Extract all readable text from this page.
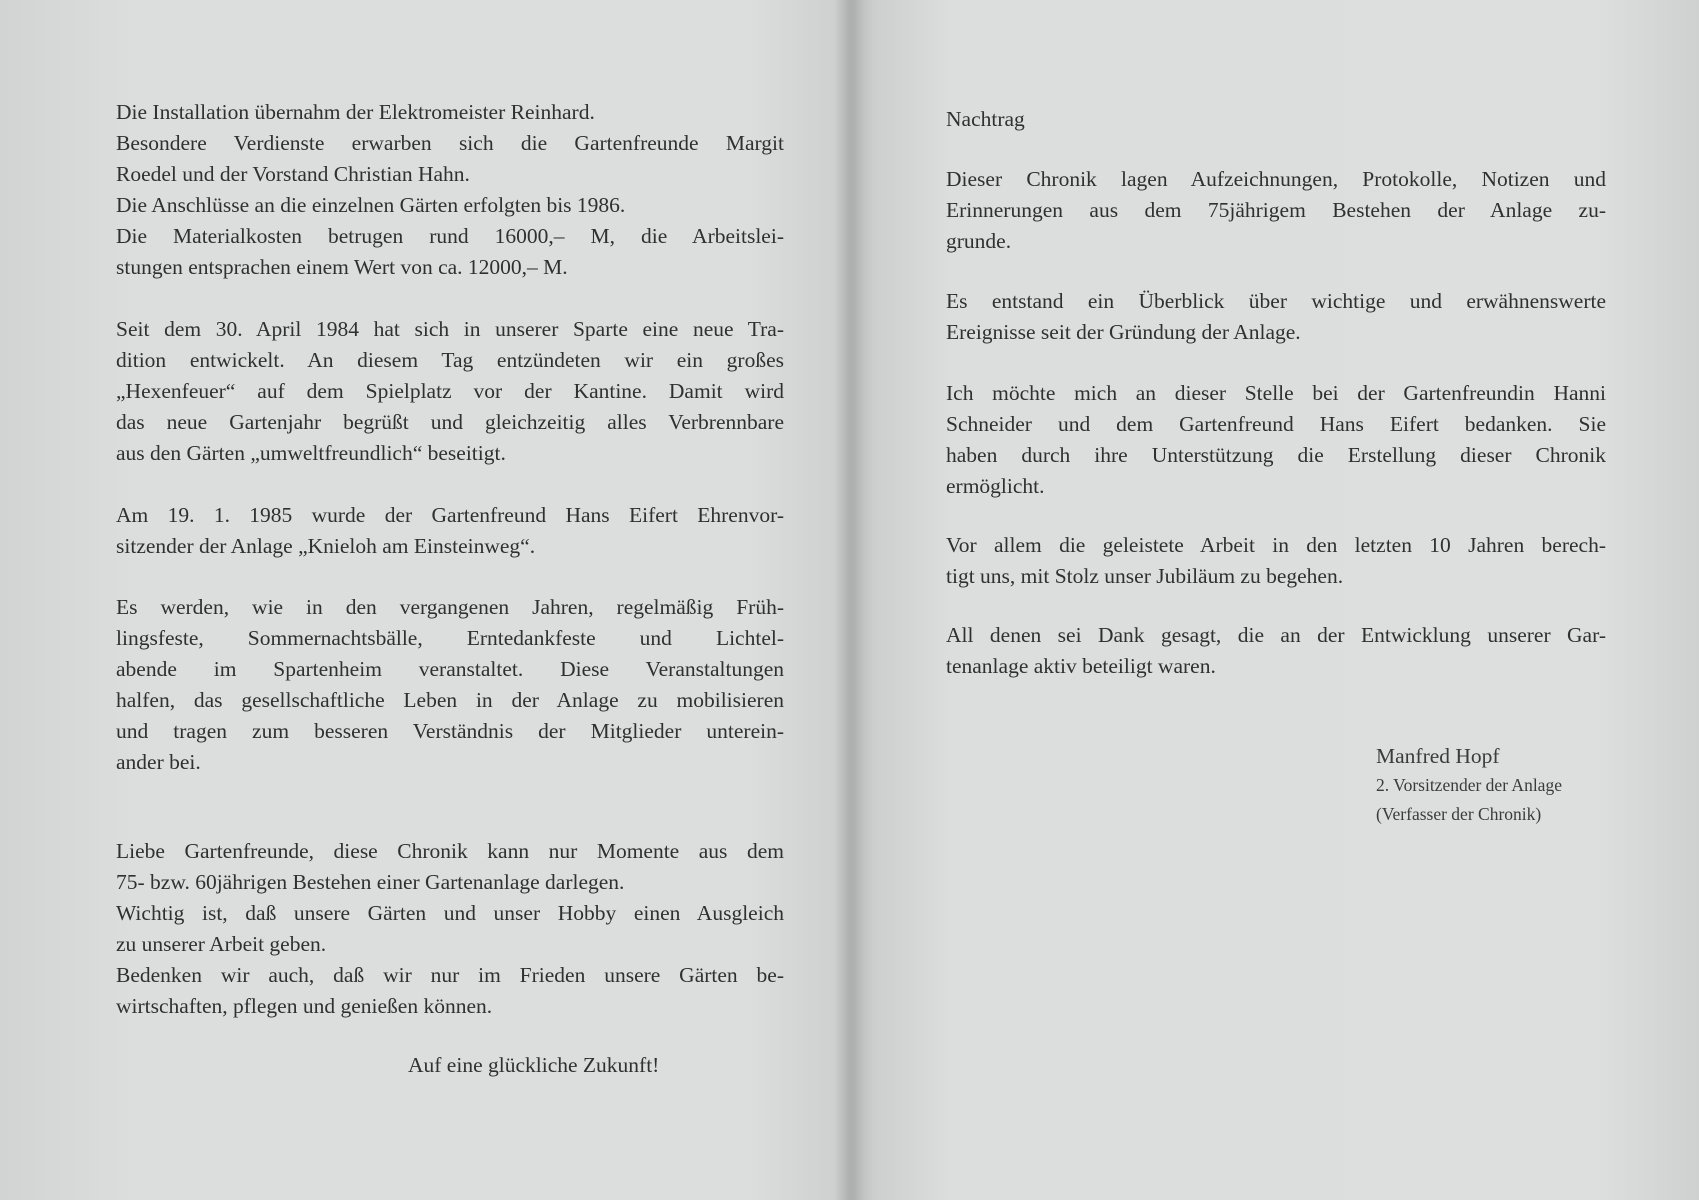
Die Installation übernahm der Elektromeister Reinhard.
Besondere Verdienste erwarben sich die Gartenfreunde Margit
Roedel und der Vorstand Christian Hahn.
Die Anschlüsse an die einzelnen Gärten erfolgten bis 1986.
Die Materialkosten betrugen rund 16000,– M, die Arbeitslei-
stungen entsprachen einem Wert von ca. 12000,– M.
Seit dem 30. April 1984 hat sich in unserer Sparte eine neue Tra-
dition entwickelt. An diesem Tag entzündeten wir ein großes
„Hexenfeuer“ auf dem Spielplatz vor der Kantine. Damit wird
das neue Gartenjahr begrüßt und gleichzeitig alles Verbrennbare
aus den Gärten „umweltfreundlich“ beseitigt.
Am 19. 1. 1985 wurde der Gartenfreund Hans Eifert Ehrenvor-
sitzender der Anlage „Knieloh am Einsteinweg“.
Es werden, wie in den vergangenen Jahren, regelmäßig Früh-
lingsfeste, Sommernachtsbälle, Erntedankfeste und Lichtel-
abende im Spartenheim veranstaltet. Diese Veranstaltungen
halfen, das gesellschaftliche Leben in der Anlage zu mobilisieren
und tragen zum besseren Verständnis der Mitglieder unterein-
ander bei.
Liebe Gartenfreunde, diese Chronik kann nur Momente aus dem
75- bzw. 60jährigen Bestehen einer Gartenanlage darlegen.
Wichtig ist, daß unsere Gärten und unser Hobby einen Ausgleich
zu unserer Arbeit geben.
Bedenken wir auch, daß wir nur im Frieden unsere Gärten be-
wirtschaften, pflegen und genießen können.
Auf eine glückliche Zukunft!
Nachtrag
Dieser Chronik lagen Aufzeichnungen, Protokolle, Notizen und
Erinnerungen aus dem 75jährigem Bestehen der Anlage zu-
grunde.
Es entstand ein Überblick über wichtige und erwähnenswerte
Ereignisse seit der Gründung der Anlage.
Ich möchte mich an dieser Stelle bei der Gartenfreundin Hanni
Schneider und dem Gartenfreund Hans Eifert bedanken. Sie
haben durch ihre Unterstützung die Erstellung dieser Chronik
ermöglicht.
Vor allem die geleistete Arbeit in den letzten 10 Jahren berech-
tigt uns, mit Stolz unser Jubiläum zu begehen.
All denen sei Dank gesagt, die an der Entwicklung unserer Gar-
tenanlage aktiv beteiligt waren.
Manfred Hopf
2. Vorsitzender der Anlage
(Verfasser der Chronik)
